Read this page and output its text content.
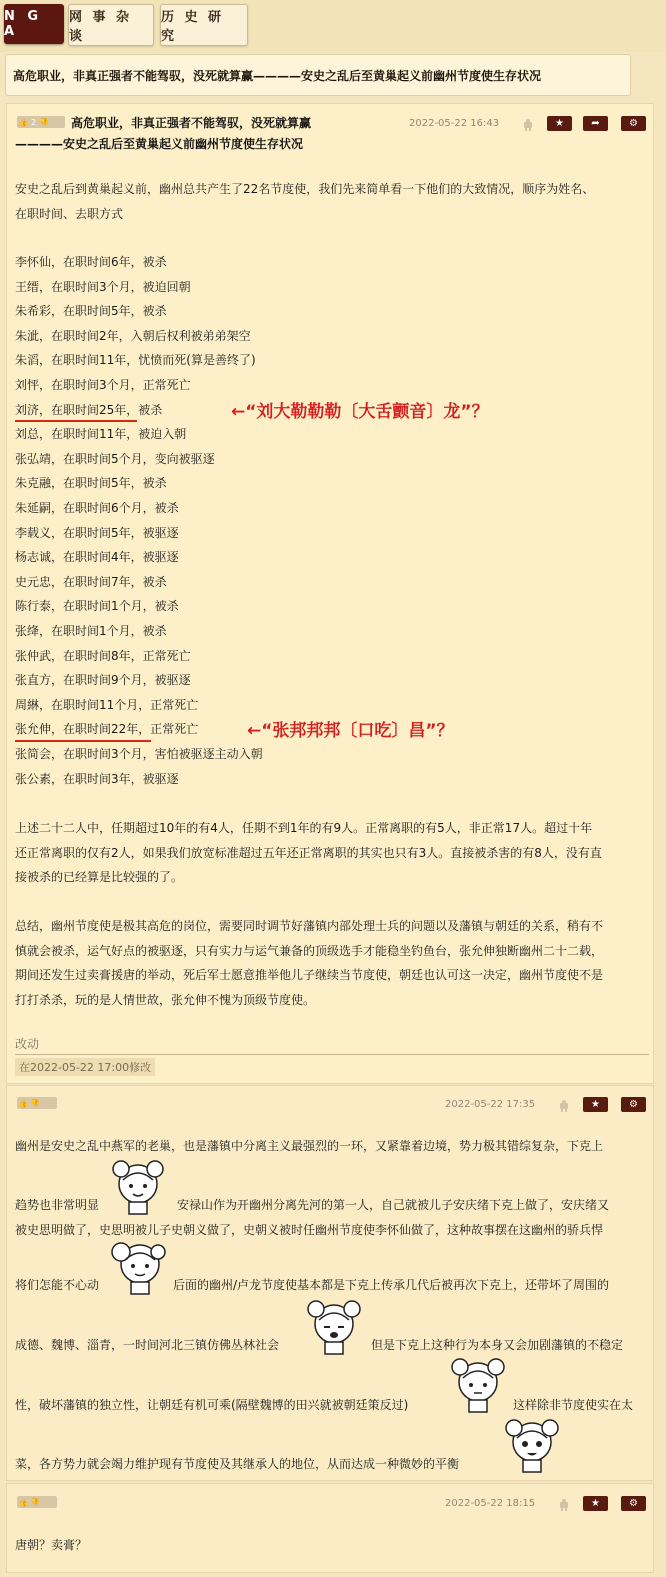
N G A
网 事 杂 谈
历 史 研 究
高危职业，非真正强者不能驾驭，没死就算赢————安史之乱后至黄巢起义前幽州节度使生存状况
👍 2 👎 高危职业，非真正强者不能驾驭，没死就算赢
————安史之乱后至黄巢起义前幽州节度使生存状况
2022-05-22 16:43	★	➦	⚙
安史之乱后到黄巢起义前，幽州总共产生了22名节度使，我们先来简单看一下他们的大致情况，顺序为姓名、
在职时间、去职方式
李怀仙，在职时间6年，被杀
王缙，在职时间3个月，被迫回朝
朱希彩，在职时间5年，被杀
朱泚，在职时间2年，入朝后权利被弟弟架空
朱滔，在职时间11年，忧愤而死(算是善终了)
刘怦，在职时间3个月，正常死亡
刘济，在职时间25年，被杀
刘总，在职时间11年，被迫入朝
张弘靖，在职时间5个月，变向被驱逐
朱克融，在职时间5年，被杀
朱延嗣，在职时间6个月，被杀
李载义，在职时间5年，被驱逐
杨志诚，在职时间4年，被驱逐
史元忠，在职时间7年，被杀
陈行泰，在职时间1个月，被杀
张绛，在职时间1个月，被杀
张仲武，在职时间8年，正常死亡
张直方，在职时间9个月，被驱逐
周綝，在职时间11个月，正常死亡
张允伸，在职时间22年，正常死亡
张简会，在职时间3个月，害怕被驱逐主动入朝
张公素，在职时间3年，被驱逐
←“刘大勒勒勒〔大舌颤音〕龙”？
←“张邦邦邦〔口吃〕昌”？
上述二十二人中，任期超过10年的有4人，任期不到1年的有9人。正常离职的有5人，非正常17人。超过十年
还正常离职的仅有2人，如果我们放宽标准超过五年还正常离职的其实也只有3人。直接被杀害的有8人，没有直
接被杀的已经算是比较强的了。
总结，幽州节度使是极其高危的岗位，需要同时调节好藩镇内部处理士兵的问题以及藩镇与朝廷的关系，稍有不
慎就会被杀，运气好点的被驱逐，只有实力与运气兼备的顶级选手才能稳坐钓鱼台，张允伸独断幽州二十二载，
期间还发生过卖膏援唐的举动，死后军士愿意推举他儿子继续当节度使，朝廷也认可这一决定，幽州节度使不是
打打杀杀，玩的是人情世故，张允伸不愧为顶级节度使。
改动
在2022-05-22 17:00修改
👍 👎	2022-05-22 17:35	★	⚙
幽州是安史之乱中燕军的老巢，也是藩镇中分离主义最强烈的一环，又紧靠着边境，势力极其错综复杂，下克上
趋势也非常明显	安禄山作为开幽州分离先河的第一人，自己就被儿子安庆绪下克上做了，安庆绪又
被史思明做了，史思明被儿子史朝义做了，史朝义被时任幽州节度使李怀仙做了，这种故事摆在这幽州的骄兵悍
将们怎能不心动	后面的幽州/卢龙节度使基本都是下克上传承几代后被再次下克上，还带坏了周围的
成德、魏博、淄青，一时间河北三镇仿佛丛林社会	但是下克上这种行为本身又会加剧藩镇的不稳定
性，破坏藩镇的独立性，让朝廷有机可乘(隔壁魏博的田兴就被朝廷策反过)	这样除非节度使实在太
菜，各方势力就会竭力维护现有节度使及其继承人的地位，从而达成一种微妙的平衡
👍 👎	2022-05-22 18:15	★	⚙
唐朝？卖膏？
